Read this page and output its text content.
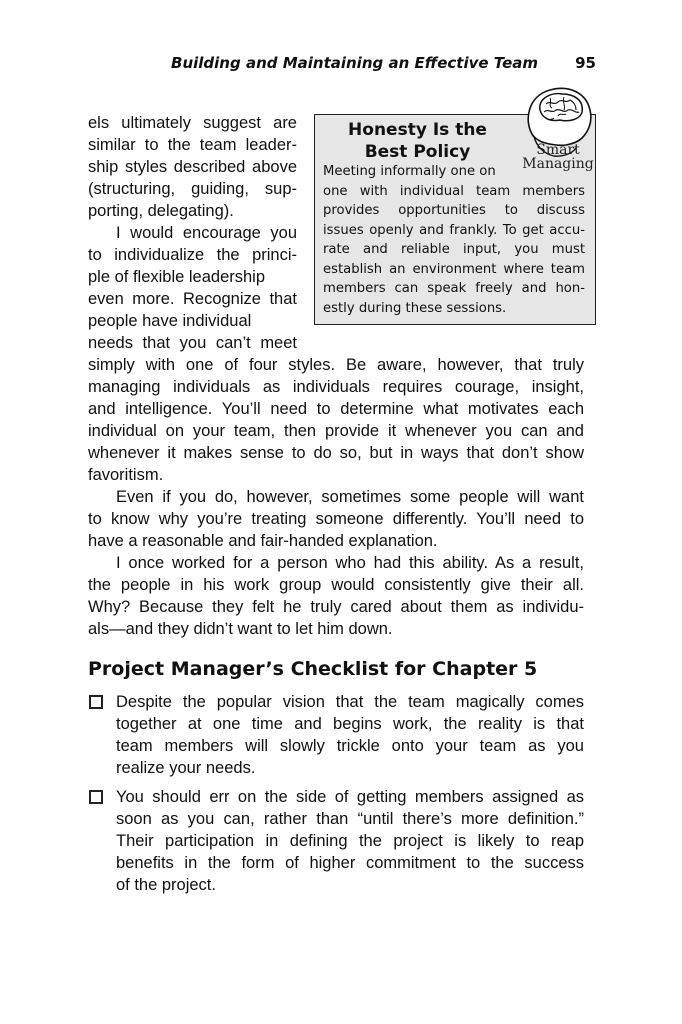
Building and Maintaining an Effective Team 95
Honesty Is the
Best Policy
Meeting informally one on
one with individual team members
provides opportunities to discuss
issues openly and frankly. To get accu-
rate and reliable input, you must
establish an environment where team
members can speak freely and hon-
estly during these sessions.
Smart
Managing
els ultimately suggest are
similar to the team leader-
ship styles described above
(structuring, guiding, sup-
porting, delegating).
I would encourage you
to individualize the princi-
ple of flexible leadership
even more. Recognize that
people have individual
needs that you can’t meet
simply with one of four styles. Be aware, however, that truly
managing individuals as individuals requires courage, insight,
and intelligence. You’ll need to determine what motivates each
individual on your team, then provide it whenever you can and
whenever it makes sense to do so, but in ways that don’t show
favoritism.
Even if you do, however, sometimes some people will want
to know why you’re treating someone differently. You’ll need to
have a reasonable and fair-handed explanation.
I once worked for a person who had this ability. As a result,
the people in his work group would consistently give their all.
Why? Because they felt he truly cared about them as individu-
als—and they didn’t want to let him down.
Project Manager’s Checklist for Chapter 5
Despite the popular vision that the team magically comes
together at one time and begins work, the reality is that
team members will slowly trickle onto your team as you
realize your needs.
You should err on the side of getting members assigned as
soon as you can, rather than “until there’s more definition.”
Their participation in defining the project is likely to reap
benefits in the form of higher commitment to the success
of the project.
